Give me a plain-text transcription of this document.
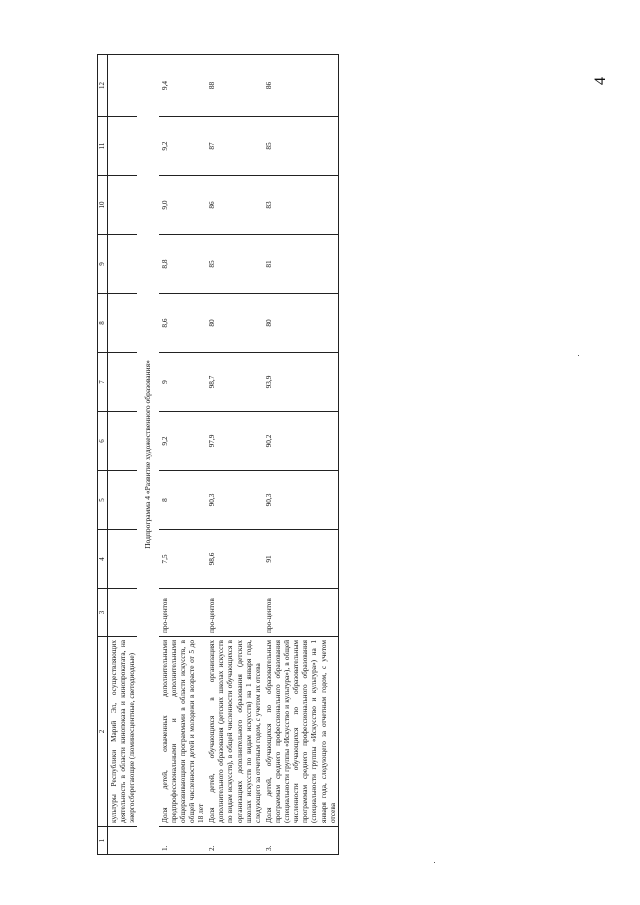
4
1	2	3	4	5	6	7	8	9	10	11	12
	культуры Республики Марий Эл, осуществляющих деятельность в области кинопоказа и кинопрокатата, на энергосберегающие (люминесцентные, светодиодные)										
Подпрограмма 4 «Развитие художественного образования»											
1.	Доля детей, охваченных дополнительными предпрофессиональными и дополнительными общеразвивающими программами в области искусств, в общей численности детей и молодежи в возрасте от 5 до 18 лет	про-центов	7,5	8	9,2	9	8,6	8,8	9,0	9,2	9,4
2.	Доля детей, обучающихся в организациях дополнительного образования (детских школах искусств по видам искусств), в общей численности обучающихся в организациях дополнительного образования (детских школах искусств по видам искусств) на 1 января года, следующего за отчетным годом, с учетом их отсева	про-центов	98,6	90,3	97,9	98,7	80	85	86	87	88
3.	Доля детей, обучающихся по образовательным программам среднего профессионального образования (специальности группы «Искусство и культура»), в общей численности обучающихся по образовательным программам среднего профессионального образования (специальности группы «Искусство и культура») на 1 января года, следующего за отчетным годом, с учетом отсева	про-центов	91	90,3	90,2	93,9	80	81	83	85	86
